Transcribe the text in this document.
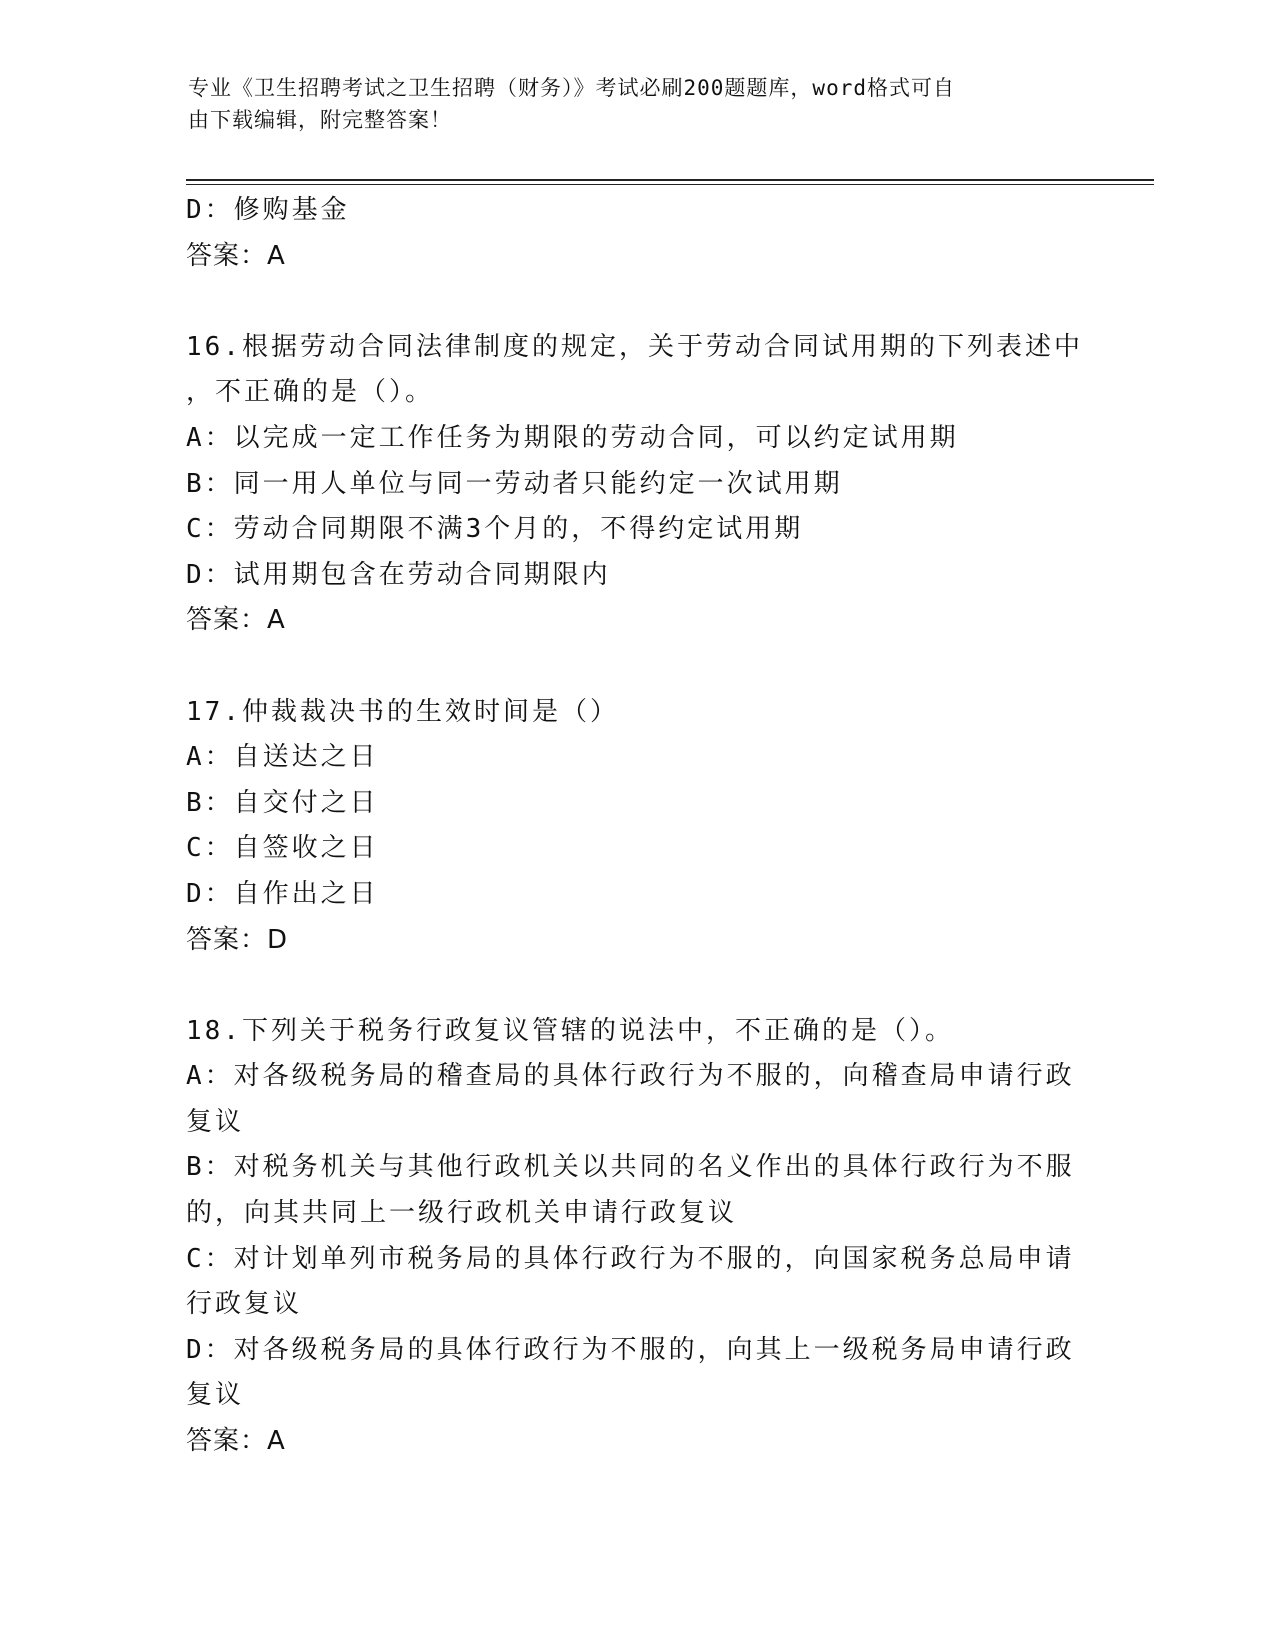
专业《卫生招聘考试之卫生招聘（财务）》考试必刷200题题库，word格式可自
由下载编辑，附完整答案！
D：修购基金
答案：A
16.根据劳动合同法律制度的规定，关于劳动合同试用期的下列表述中
，不正确的是（）。
A：以完成一定工作任务为期限的劳动合同，可以约定试用期
B：同一用人单位与同一劳动者只能约定一次试用期
C：劳动合同期限不满3个月的，不得约定试用期
D：试用期包含在劳动合同期限内
答案：A
17.仲裁裁决书的生效时间是（）
A：自送达之日
B：自交付之日
C：自签收之日
D：自作出之日
答案：D
18.下列关于税务行政复议管辖的说法中，不正确的是（）。
A：对各级税务局的稽查局的具体行政行为不服的，向稽查局申请行政
复议
B：对税务机关与其他行政机关以共同的名义作出的具体行政行为不服
的，向其共同上一级行政机关申请行政复议
C：对计划单列市税务局的具体行政行为不服的，向国家税务总局申请
行政复议
D：对各级税务局的具体行政行为不服的，向其上一级税务局申请行政
复议
答案：A
